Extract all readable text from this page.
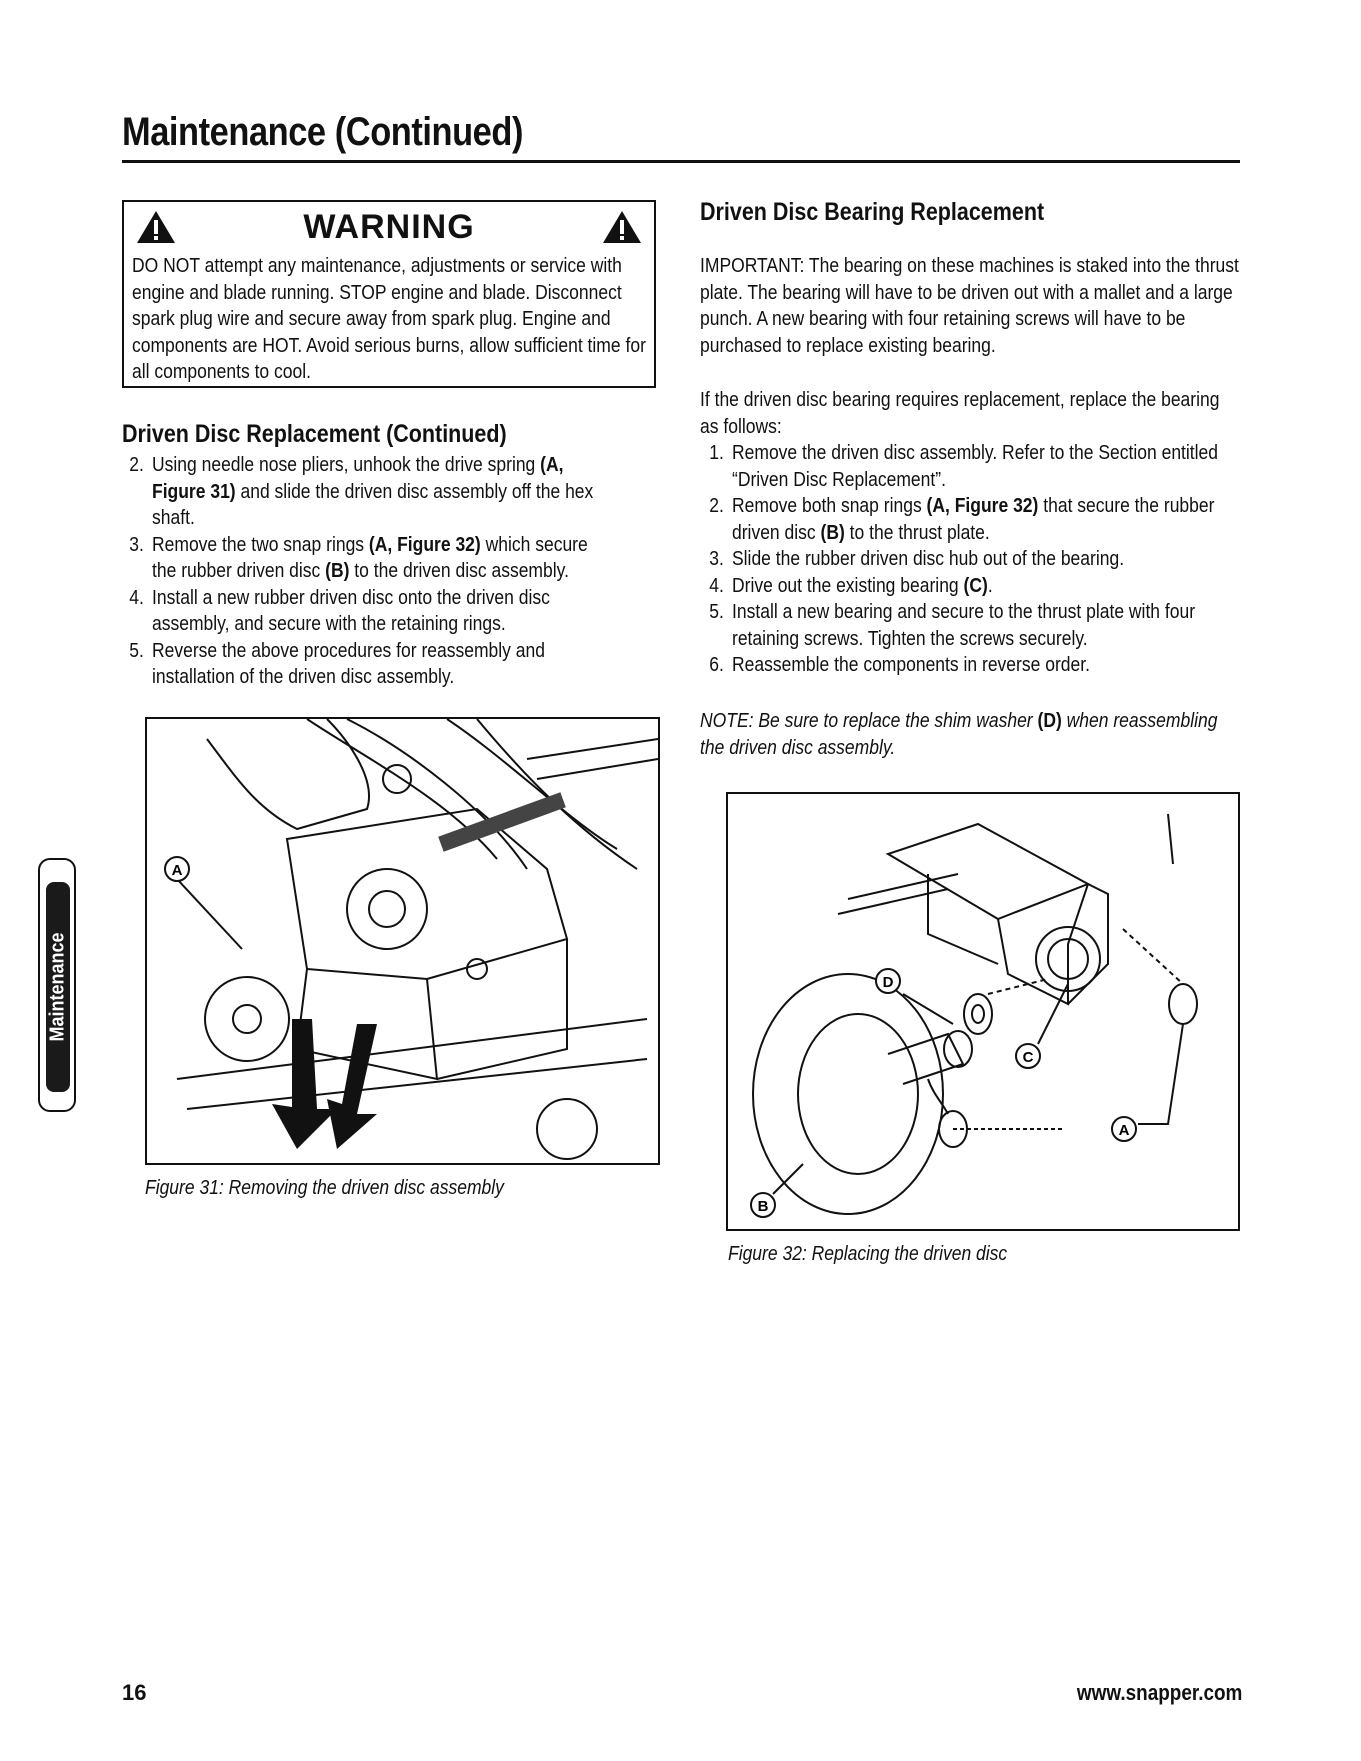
Maintenance (Continued)
WARNING

DO NOT attempt any maintenance, adjustments or service with engine and blade running. STOP engine and blade. Disconnect spark plug wire and secure away from spark plug. Engine and components are HOT. Avoid serious burns, allow sufficient time for all components to cool.

Driven Disc Replacement (Continued)
2. Using needle nose pliers, unhook the drive spring (A, Figure 31) and slide the driven disc assembly off the hex shaft.
3. Remove the two snap rings (A, Figure 32) which secure the rubber driven disc (B) to the driven disc assembly.
4. Install a new rubber driven disc onto the driven disc assembly, and secure with the retaining rings.
5. Reverse the above procedures for reassembly and installation of the driven disc assembly.
A

Figure 31: Removing the driven disc assembly

Driven Disc Bearing Replacement

IMPORTANT: The bearing on these machines is staked into the thrust plate. The bearing will have to be driven out with a mallet and a large punch. A new bearing with four retaining screws will have to be purchased to replace existing bearing.

If the driven disc bearing requires replacement, replace the bearing as follows:

1. Remove the driven disc assembly. Refer to the Section entitled “Driven Disc Replacement”.
2. Remove both snap rings (A, Figure 32) that secure the rubber driven disc (B) to the thrust plate.
3. Slide the rubber driven disc hub out of the bearing.
4. Drive out the existing bearing (C).
5. Install a new bearing and secure to the thrust plate with four retaining screws. Tighten the screws securely.
6. Reassemble the components in reverse order.

NOTE: Be sure to replace the shim washer (D) when reassembling the driven disc assembly.

D
C
A
B

Figure 32: Replacing the driven disc

Maintenance
16	www.snapper.com
